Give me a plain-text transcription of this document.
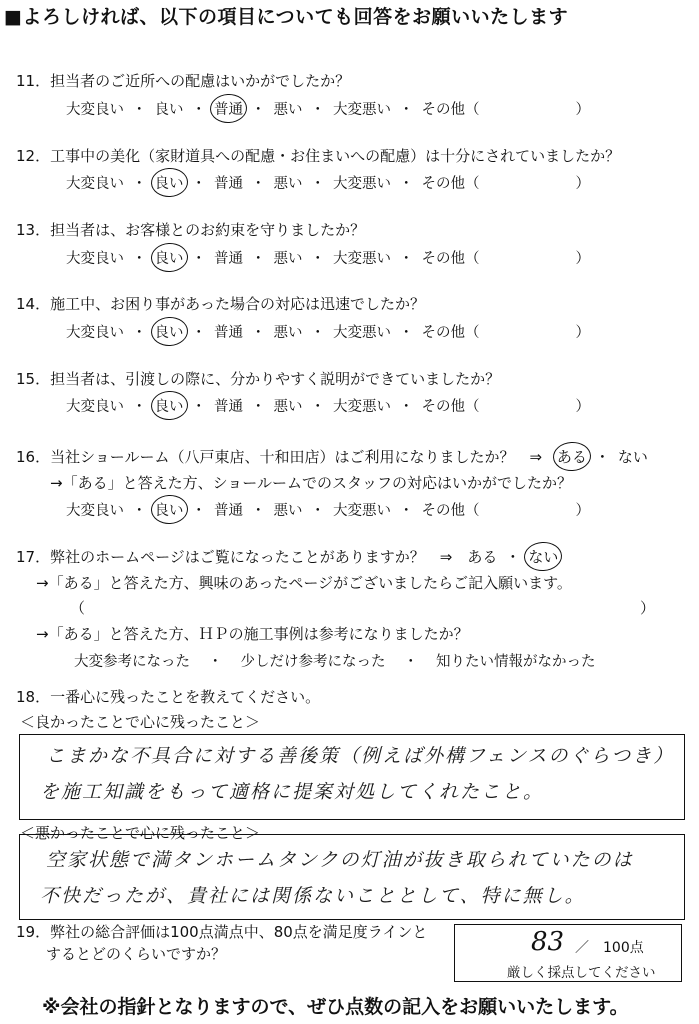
■よろしければ、以下の項目についても回答をお願いいたします
11．担当者のご近所への配慮はいかがでしたか？
大変良い ・ 良い ・ 普通 ・ 悪い ・ 大変悪い ・ その他（	）
12．工事中の美化（家財道具への配慮・お住まいへの配慮）は十分にされていましたか？
大変良い ・ 良い ・ 普通 ・ 悪い ・ 大変悪い ・ その他（	）
13．担当者は、お客様とのお約束を守りましたか？
大変良い ・ 良い ・ 普通 ・ 悪い ・ 大変悪い ・ その他（	）
14．施工中、お困り事があった場合の対応は迅速でしたか？
大変良い ・ 良い ・ 普通 ・ 悪い ・ 大変悪い ・ その他（	）
15．担当者は、引渡しの際に、分かりやすく説明ができていましたか？
大変良い ・ 良い ・ 普通 ・ 悪い ・ 大変悪い ・ その他（	）
16．当社ショールーム（八戸東店、十和田店）はご利用になりましたか？　⇒ ある ・ ない
→「ある」と答えた方、ショールームでのスタッフの対応はいかがでしたか？
大変良い ・ 良い ・ 普通 ・ 悪い ・ 大変悪い ・ その他（	）
17．弊社のホームページはご覧になったことがありますか？　⇒　ある ・ ない
→「ある」と答えた方、興味のあったページがございましたらご記入願います。
（	）
→「ある」と答えた方、ＨＰの施工事例は参考になりましたか？
大変参考になった ・ 少しだけ参考になった ・ 知りたい情報がなかった
18．一番心に残ったことを教えてください。
＜良かったことで心に残ったこと＞
こまかな不具合に対する善後策（例えば外構フェンスのぐらつき）
を施工知識をもって適格に提案対処してくれたこと。
＜悪かったことで心に残ったこと＞
空家状態で満タンホームタンクの灯油が抜き取られていたのは
不快だったが、貴社には関係ないこととして、特に無し。
19．弊社の総合評価は100点満点中、80点を満足度ラインと
するとどのくらいですか？	83 ／　100点
厳しく採点してください
※会社の指針となりますので、ぜひ点数の記入をお願いいたします。
